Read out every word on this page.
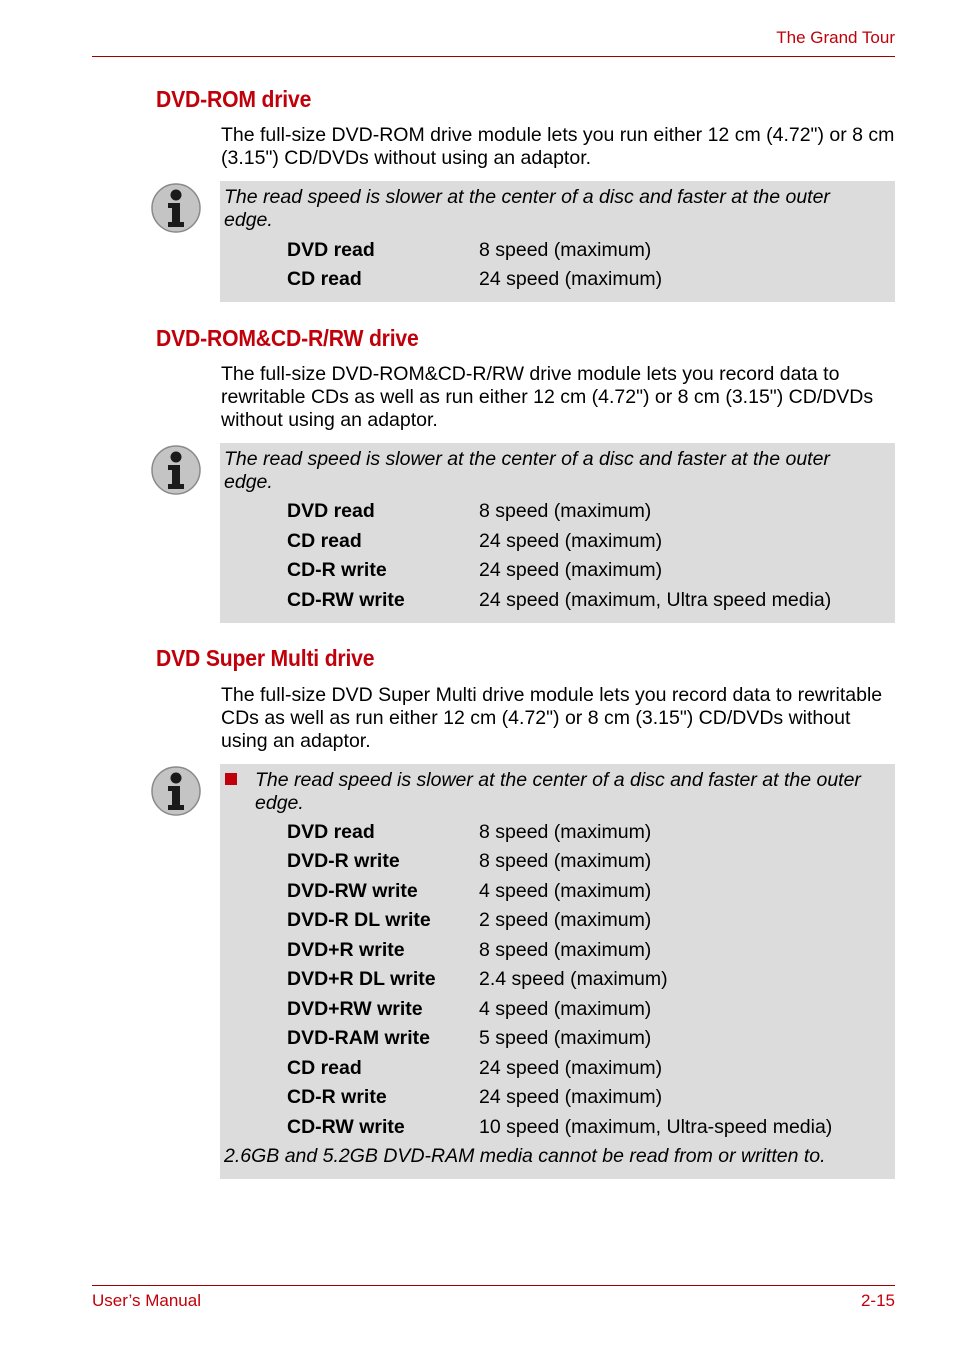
The Grand Tour
DVD-ROM drive
The full-size DVD-ROM drive module lets you run either 12 cm (4.72") or 8 cm (3.15") CD/DVDs without using an adaptor.
The read speed is slower at the center of a disc and faster at the outer edge.
DVD read	8 speed (maximum)
CD read	24 speed (maximum)
DVD-ROM&CD-R/RW drive
The full-size DVD-ROM&CD-R/RW drive module lets you record data to rewritable CDs as well as run either 12 cm (4.72") or 8 cm (3.15") CD/DVDs without using an adaptor.
The read speed is slower at the center of a disc and faster at the outer edge.
DVD read	8 speed (maximum)
CD read	24 speed (maximum)
CD-R write	24 speed (maximum)
CD-RW write	24 speed (maximum, Ultra speed media)
DVD Super Multi drive
The full-size DVD Super Multi drive module lets you record data to rewritable CDs as well as run either 12 cm (4.72") or 8 cm (3.15") CD/DVDs without using an adaptor.
The read speed is slower at the center of a disc and faster at the outer edge.
DVD read	8 speed (maximum)
DVD-R write	8 speed (maximum)
DVD-RW write	4 speed (maximum)
DVD-R DL write 2 speed (maximum)
DVD+R write	8 speed (maximum)
DVD+R DL write 2.4 speed (maximum)
DVD+RW write	4 speed (maximum)
DVD-RAM write	5 speed (maximum)
CD read	24 speed (maximum)
CD-R write	24 speed (maximum)
CD-RW write	10 speed (maximum, Ultra-speed media)
2.6GB and 5.2GB DVD-RAM media cannot be read from or written to.
User’s Manual	2-15
